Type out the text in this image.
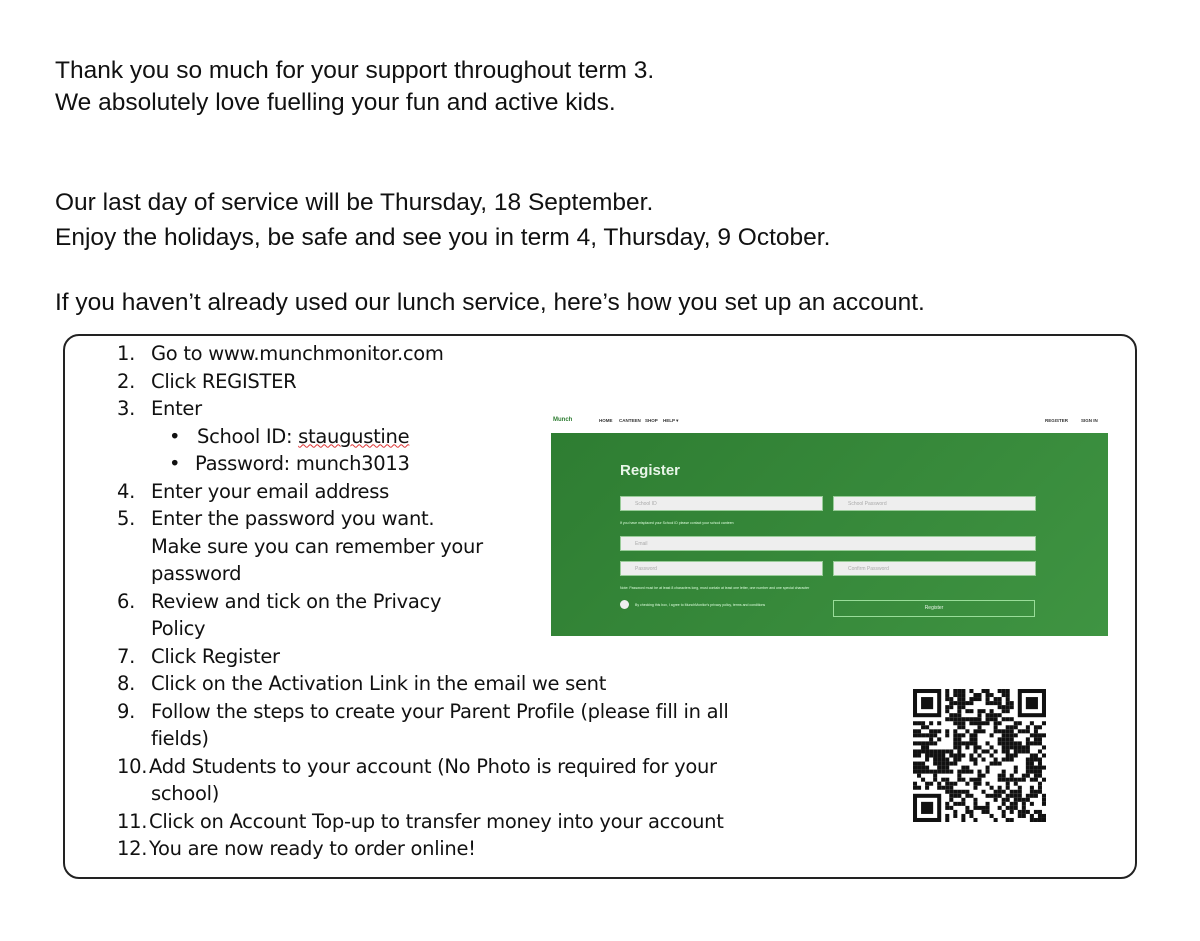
Thank you so much for your support throughout term 3.
We absolutely love fuelling your fun and active kids.
Our last day of service will be Thursday, 18 September.
Enjoy the holidays, be safe and see you in term 4, Thursday, 9 October.
If you haven’t already used our lunch service, here’s how you set up an account.
1. Go to www.munchmonitor.com
2. Click REGISTER
3. Enter
• School ID: staugustine
• Password: munch3013
4. Enter your email address
5. Enter the password you want.
Make sure you can remember your
password
6. Review and tick on the Privacy
Policy
7. Click Register
8. Click on the Activation Link in the email we sent
9. Follow the steps to create your Parent Profile (please fill in all
fields)
10. Add Students to your account (No Photo is required for your
school)
11. Click on Account Top-up to transfer money into your account
12. You are now ready to order online!
Munch	HOME CANTEEN SHOP HELP ▾	REGISTER	SIGN IN
Register
School ID	School Password
If you have misplaced your School ID please contact your school canteen
Email
Password	Confirm Password
Note: Password must be at least 8 characters long, must contain at least one letter, one number and one special character
By checking this box, I agree to MunchMonitor's privacy policy, terms and conditions	Register
